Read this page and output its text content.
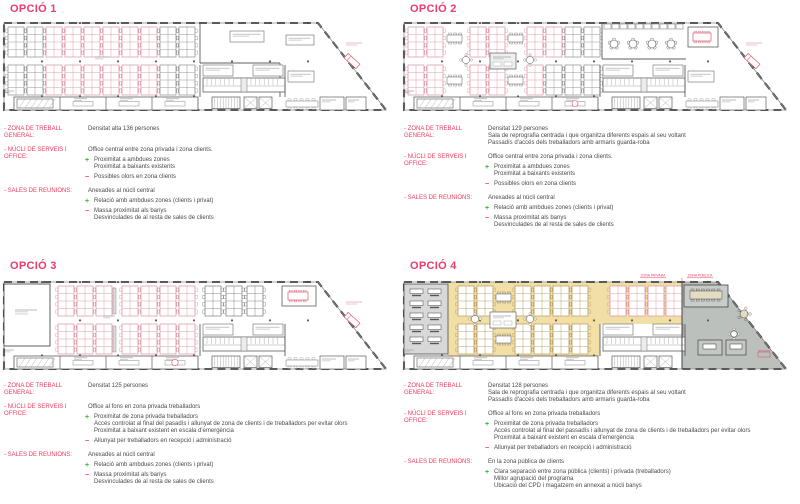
OPCIÓ 1
- ZONA DE TREBALL GENERAL:
Densitat alta 136 persones
- NÚCLI DE SERVEIS I OFFICE:
Office central entre zona privada i zona clients.
+ Proximitat a ambdues zones
Proximitat a baixants existents
− Possibles olors en zona clients
- SALES DE REUNIONS:	Anexades al núcli central
+ Relació amb ambdues zones (clients i privat)
− Massa proximitat als banys
Desvinculades de al resta de sales de clients
OPCIÓ 2
- ZONA DE TREBALL GENERAL:
Densitat 129 persones
Sala de reprografia centrada i que organitza diferents espais al seu voltant
Passadís d'accés dels treballadors amb armaris guarda-roba
- NÚCLI DE SERVEIS I OFFICE:
Office central entre zona privada i zona clients.
+ Proximitat a ambdues zones
Proximitat a baixants existents
− Possibles olors en zona clients
- SALES DE REUNIONS:	Anexades al núcli central
+ Relació amb ambdues zones (clients i privat)
− Massa proximitat als banys
Desvinculades de al resta de sales de clients
OPCIÓ 3
- ZONA DE TREBALL GENERAL:
Densitat 125 persones
- NÚCLI DE SERVEIS I OFFICE:
Office al fons en zona privada treballadors
+ Proximitat de zona privada treballadors
Accés controlat al final del pasadís i allunyat de zona de clients i de treballadors per evitar olors
Proximitat a baixant existent en escala d'emergència
− Allunyat per treballadors en recepció i administració
- SALES DE REUNIONS:	Anexades al núcli central
+ Relació amb ambdues zones (clients i privat)
− Massa proximitat als banys
Desvinculades de al resta de sales de clients
OPCIÓ 4
ZONA PRIVADA	ZONA PÚBLICA
- ZONA DE TREBALL GENERAL:
Densitat 128 persones
Sala de reprografia centrada i que organitza diferents espais al seu voltant
Passadís d'accés dels treballadors amb armaris guarda-roba
- NÚCLI DE SERVEIS I OFFICE:
Office al fons en zona privada treballadors
+ Proximitat de zona privada treballadors
Accés controlat al final del passadís i allunyat de zona de clients i de treballadors per evitar olors
Proximitat a baixant existent en escala d'emergència
− Allunyat per treballadors en recepció i administració
- SALES DE REUNIONS:	En la zona pública de clients
+ Clara separació entre zona pública (clients) i privada (treballadors)
Millor agrupació del programa
Ubicació del CPD i magatzem en annexat a núcli banys
